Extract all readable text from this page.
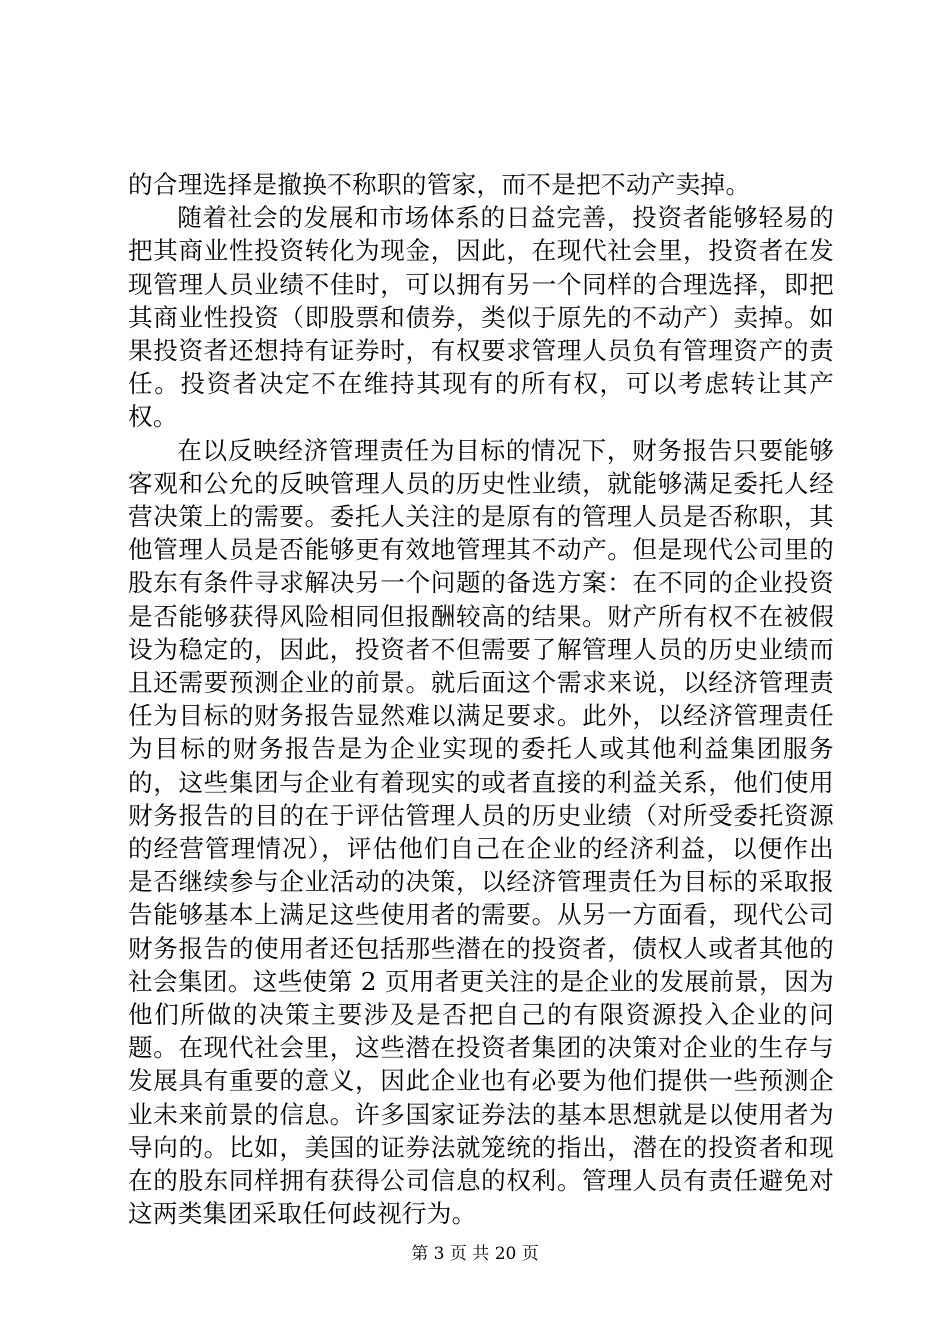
的合理选择是撤换不称职的管家，而不是把不动产卖掉。

随着社会的发展和市场体系的日益完善，投资者能够轻易的把其商业性投资转化为现金，因此，在现代社会里，投资者在发现管理人员业绩不佳时，可以拥有另一个同样的合理选择，即把其商业性投资（即股票和债券，类似于原先的不动产）卖掉。如果投资者还想持有证券时，有权要求管理人员负有管理资产的责任。投资者决定不在维持其现有的所有权，可以考虑转让其产权。

在以反映经济管理责任为目标的情况下，财务报告只要能够客观和公允的反映管理人员的历史性业绩，就能够满足委托人经营决策上的需要。委托人关注的是原有的管理人员是否称职，其他管理人员是否能够更有效地管理其不动产。但是现代公司里的股东有条件寻求解决另一个问题的备选方案：在不同的企业投资是否能够获得风险相同但报酬较高的结果。财产所有权不在被假设为稳定的，因此，投资者不但需要了解管理人员的历史业绩而且还需要预测企业的前景。就后面这个需求来说，以经济管理责任为目标的财务报告显然难以满足要求。此外，以经济管理责任为目标的财务报告是为企业实现的委托人或其他利益集团服务的，这些集团与企业有着现实的或者直接的利益关系，他们使用财务报告的目的在于评估管理人员的历史业绩（对所受委托资源的经营管理情况），评估他们自己在企业的经济利益，以便作出是否继续参与企业活动的决策，以经济管理责任为目标的采取报告能够基本上满足这些使用者的需要。从另一方面看，现代公司财务报告的使用者还包括那些潜在的投资者，债权人或者其他的社会集团。这些使第 2 页用者更关注的是企业的发展前景，因为他们所做的决策主要涉及是否把自己的有限资源投入企业的问题。在现代社会里，这些潜在投资者集团的决策对企业的生存与发展具有重要的意义，因此企业也有必要为他们提供一些预测企业未来前景的信息。许多国家证券法的基本思想就是以使用者为导向的。比如，美国的证券法就笼统的指出，潜在的投资者和现在的股东同样拥有获得公司信息的权利。管理人员有责任避免对这两类集团采取任何歧视行为。

第 3 页 共 20 页
